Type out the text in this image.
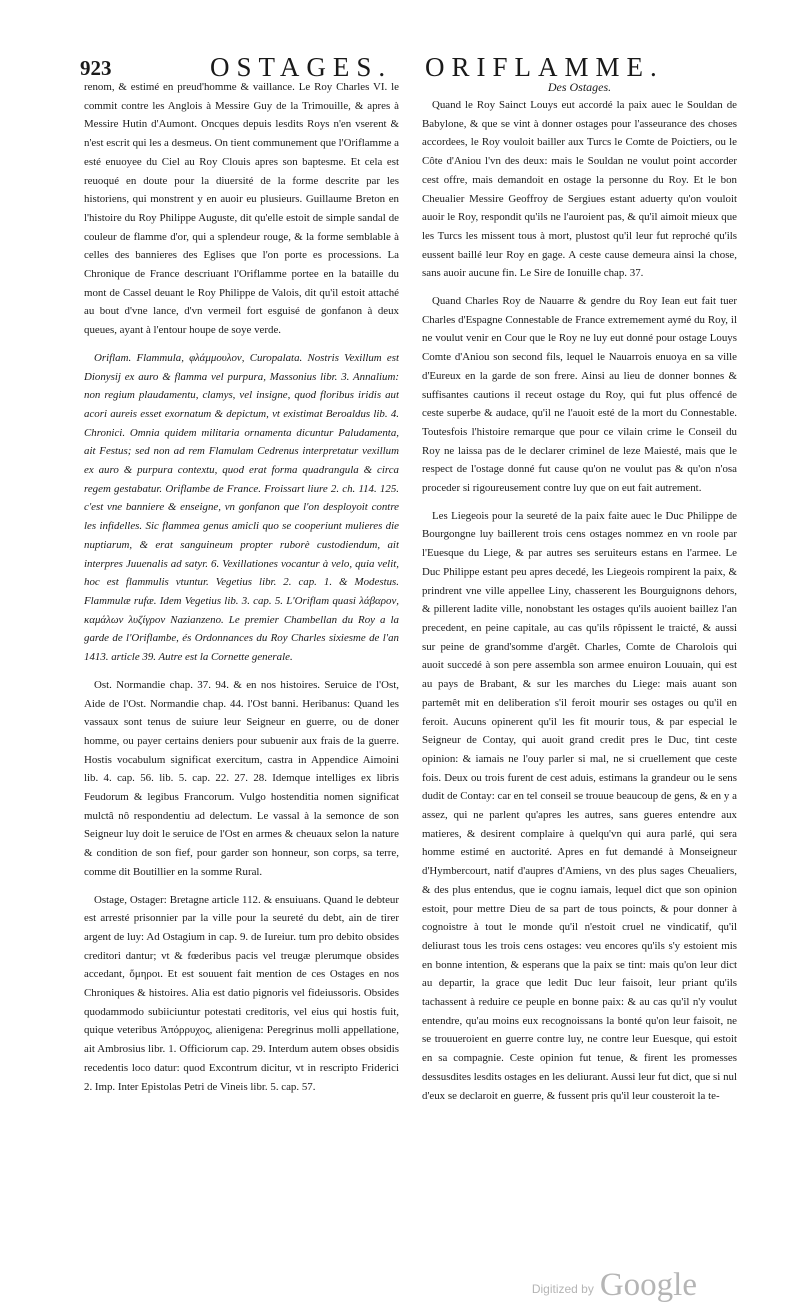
923	OSTAGES. ORIFLAMME.

renom, & estimé en preud'homme & vaillance. Le Roy Charles VI. le commit contre les Anglois à Messire Guy de la Trimouille, & apres à Messire Hutin d'Aumont. Oncques depuis lesdits Roys n'en vserent & n'est escrit qui les a desmeus. On tient communement que l'Oriflamme a esté enuoyee du Ciel au Roy Clouis apres son baptesme. Et cela est reuoqué en doute pour la diuersité de la forme descrite par les historiens, qui monstrent y en auoir eu plusieurs. Guillaume Breton en l'histoire du Roy Philippe Auguste, dit qu'elle estoit de simple sandal de couleur de flamme d'or, qui a splendeur rouge, & la forme semblable à celles des bannieres des Eglises que l'on porte es processions. La Chronique de France descriuant l'Oriflamme portee en la bataille du mont de Cassel deuant le Roy Philippe de Valois, dit qu'il estoit attaché au bout d'vne lance, d'vn vermeil fort esguisé de gonfanon à deux queues, ayant à l'entour houpe de soye verde.

Oriflam. Flammula, φλάμμουλον, Curopalata. Nostris Vexillum est Dionysij ex auro & flamma vel purpura, Massonius libr. 3. Annalium: non regium plaudamentu, clamys, vel insigne, quod floribus iridis aut acori aureis esset exornatum & depictum, vt existimat Beroaldus lib. 4. Chronici. Omnia quidem militaria ornamenta dicuntur Paludamenta, ait Festus; sed non ad rem Flamulam Cedrenus interpretatur vexillum ex auro & purpura contextu, quod erat forma quadrangula & circa regem gestabatur. Oriflambe de France. Froissart liure 2. ch. 114. 125. c'est vne banniere & enseigne, vn gonfanon que l'on desployoit contre les infidelles. Sic flammea genus amicli quo se cooperiunt mulieres die nuptiarum, & erat sanguineum propter ruborè custodiendum, ait interpres Juuenalis ad satyr. 6. Vexillationes vocantur à velo, quia velit, hoc est flammulis vtuntur. Vegetius libr. 2. cap. 1. & Modestus. Flammulæ rufæ. Idem Vegetius lib. 3. cap. 5. L'Oriflam quasi λάβαρον, καμάλων λυζίγρον Nazianzeno. Le premier Chambellan du Roy a la garde de l'Oriflambe, és Ordonnances du Roy Charles sixiesme de l'an 1413. article 39. Autre est la Cornette generale.

Ost. Normandie chap. 37. 94. & en nos histoires. Seruice de l'Ost, Aide de l'Ost. Normandie chap. 44. l'Ost banni. Heribanus: Quand les vassaux sont tenus de suiure leur Seigneur en guerre, ou de doner homme, ou payer certains deniers pour subuenir aux frais de la guerre. Hostis vocabulum significat exercitum, castra in Appendice Aimoini lib. 4. cap. 56. lib. 5. cap. 22. 27. 28. Idemque intelliges ex libris Feudorum & legibus Francorum. Vulgo hostenditia nomen significat mulctâ nô respondentiu ad delectum. Le vassal à la semonce de son Seigneur luy doit le seruice de l'Ost en armes & cheuaux selon la nature & condition de son fief, pour garder son honneur, son corps, sa terre, comme dit Boutillier en la somme Rural.

Ostage, Ostager: Bretagne article 112. & ensuiuans. Quand le debteur est arresté prisonnier par la ville pour la seureté du debt, ain de tirer argent de luy: Ad Ostagium in cap. 9. de Iureiur. tum pro debito obsides creditori dantur; vt & fœderibus pacis vel treugæ plerumque obsides accedant, ὅμηροι. Et est souuent fait mention de ces Ostages en nos Chroniques & histoires. Alia est datio pignoris vel fideiussoris. Obsides quodammodo subiiciuntur potestati creditoris, vel eius qui hostis fuit, quique veteribus Ἀπόρρυχος, alienigena: Peregrinus molli appellatione, ait Ambrosius libr. 1. Officiorum cap. 29. Interdum autem obses obsidis recedentis loco datur: quod Excontrum dicitur, vt in rescripto Friderici 2. Imp. Inter Epistolas Petri de Vineis libr. 5. cap. 57.

Des Ostages.

Quand le Roy Sainct Louys eut accordé la paix auec le Souldan de Babylone, & que se vint à donner ostages pour l'asseurance des choses accordees, le Roy vouloit bailler aux Turcs le Comte de Poictiers, ou le Côte d'Aniou l'vn des deux: mais le Souldan ne voulut point accorder cest offre, mais demandoit en ostage la personne du Roy. Et le bon Cheualier Messire Geoffroy de Sergiues estant aduerty qu'on vouloit auoir le Roy, respondit qu'ils ne l'auroient pas, & qu'il aimoit mieux que les Turcs les missent tous à mort, plustost qu'il leur fut reproché qu'ils eussent baillé leur Roy en gage. A ceste cause demeura ainsi la chose, sans auoir aucune fin. Le Sire de Ionuille chap. 37.

Quand Charles Roy de Nauarre & gendre du Roy Iean eut fait tuer Charles d'Espagne Connestable de France extremement aymé du Roy, il ne voulut venir en Cour que le Roy ne luy eut donné pour ostage Louys Comte d'Aniou son second fils, lequel le Nauarrois enuoya en sa ville d'Eureux en la garde de son frere. Ainsi au lieu de donner bonnes & suffisantes cautions il receut ostage du Roy, qui fut plus offencé de ceste superbe & audace, qu'il ne l'auoit esté de la mort du Connestable. Toutesfois l'histoire remarque que pour ce vilain crime le Conseil du Roy ne laissa pas de le declarer criminel de leze Maiesté, mais que le respect de l'ostage donné fut cause qu'on ne voulut pas & qu'on n'osa proceder si rigoureusement contre luy que on eut fait autrement.

Les Liegeois pour la seureté de la paix faite auec le Duc Philippe de Bourgongne luy baillerent trois cens ostages nommez en vn roole par l'Euesque du Liege, & par autres ses seruiteurs estans en l'armee. Le Duc Philippe estant peu apres decedé, les Liegeois rompirent la paix, & prindrent vne ville appellee Liny, chasserent les Bourguignons dehors, & pillerent ladite ville, nonobstant les ostages qu'ils auoient baillez l'an precedent, en peine capitale, au cas qu'ils rôpissent le traicté, & aussi sur peine de grand'somme d'argêt. Charles, Comte de Charolois qui auoit succedé à son pere assembla son armee enuiron Louuain, qui est au pays de Brabant, & sur les marches du Liege: mais auant son partemêt mit en deliberation s'il feroit mourir ses ostages ou qu'il en feroit. Aucuns opinerent qu'il les fit mourir tous, & par especial le Seigneur de Contay, qui auoit grand credit pres le Duc, tint ceste opinion: & iamais ne l'ouy parler si mal, ne si cruellement que ceste fois. Deux ou trois furent de cest aduis, estimans la grandeur ou le sens dudit de Contay: car en tel conseil se trouue beaucoup de gens, & en y a assez, qui ne parlent qu'apres les autres, sans gueres entendre aux matieres, & desirent complaire à quelqu'vn qui aura parlé, qui sera homme estimé en auctorité. Apres en fut demandé à Monseigneur d'Hymbercourt, natif d'aupres d'Amiens, vn des plus sages Cheualiers, & des plus entendus, que ie cognu iamais, lequel dict que son opinion estoit, pour mettre Dieu de sa part de tous poincts, & pour donner à cognoistre à tout le monde qu'il n'estoit cruel ne vindicatif, qu'il deliurast tous les trois cens ostages: veu encores qu'ils s'y estoient mis en bonne intention, & esperans que la paix se tint: mais qu'on leur dict au departir, la grace que ledit Duc leur faisoit, leur priant qu'ils tachassent à reduire ce peuple en bonne paix: & au cas qu'il n'y voulut entendre, qu'au moins eux recognoissans la bonté qu'on leur faisoit, ne se trouueroient en guerre contre luy, ne contre leur Euesque, qui estoit en sa compagnie. Ceste opinion fut tenue, & firent les promesses dessusdites lesdits ostages en les deliurant. Aussi leur fut dict, que si nul d'eux se declaroit en guerre, & fussent pris qu'il leur cousteroit la te-

Digitized by Google
